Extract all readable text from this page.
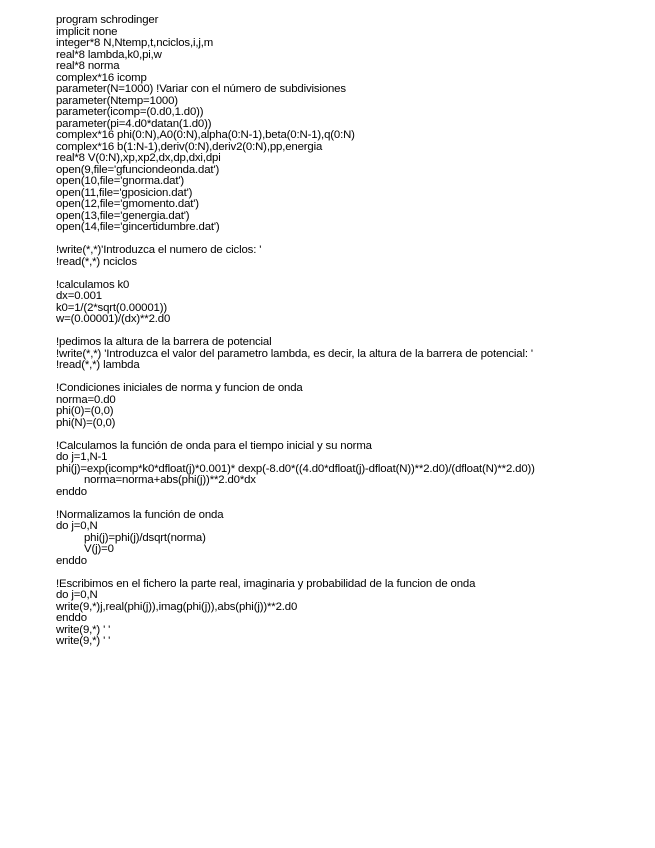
program schrodinger
implicit none
integer*8 N,Ntemp,t,nciclos,i,j,m
real*8 lambda,k0,pi,w
real*8 norma
complex*16 icomp
parameter(N=1000) !Variar con el número de subdivisiones
parameter(Ntemp=1000)
parameter(icomp=(0.d0,1.d0))
parameter(pi=4.d0*datan(1.d0))
complex*16 phi(0:N),A0(0:N),alpha(0:N-1),beta(0:N-1),q(0:N)
complex*16 b(1:N-1),deriv(0:N),deriv2(0:N),pp,energia
real*8 V(0:N),xp,xp2,dx,dp,dxi,dpi
open(9,file='gfunciondeonda.dat')
open(10,file='gnorma.dat')
open(11,file='gposicion.dat')
open(12,file='gmomento.dat')
open(13,file='genergia.dat')
open(14,file='gincertidumbre.dat')
!write(*,*)'Introduzca el numero de ciclos: '
!read(*,*) nciclos
!calculamos k0
dx=0.001
k0=1/(2*sqrt(0.00001))
w=(0.00001)/(dx)**2.d0
!pedimos la altura de la barrera de potencial
!write(*,*) 'Introduzca el valor del parametro lambda, es decir, la altura de la barrera de potencial: '
!read(*,*) lambda
!Condiciones iniciales de norma y funcion de onda
norma=0.d0
phi(0)=(0,0)
phi(N)=(0,0)
!Calculamos la función de onda para el tiempo inicial y su norma
do j=1,N-1
phi(j)=exp(icomp*k0*dfloat(j)*0.001)* dexp(-8.d0*((4.d0*dfloat(j)-dfloat(N))**2.d0)/(dfloat(N)**2.d0))
norma=norma+abs(phi(j))**2.d0*dx
enddo
!Normalizamos la función de onda
do j=0,N
phi(j)=phi(j)/dsqrt(norma)
V(j)=0
enddo
!Escribimos en el fichero la parte real, imaginaria y probabilidad de la funcion de onda
do j=0,N
write(9,*)j,real(phi(j)),imag(phi(j)),abs(phi(j))**2.d0
enddo
write(9,*) ' '
write(9,*) ' '
